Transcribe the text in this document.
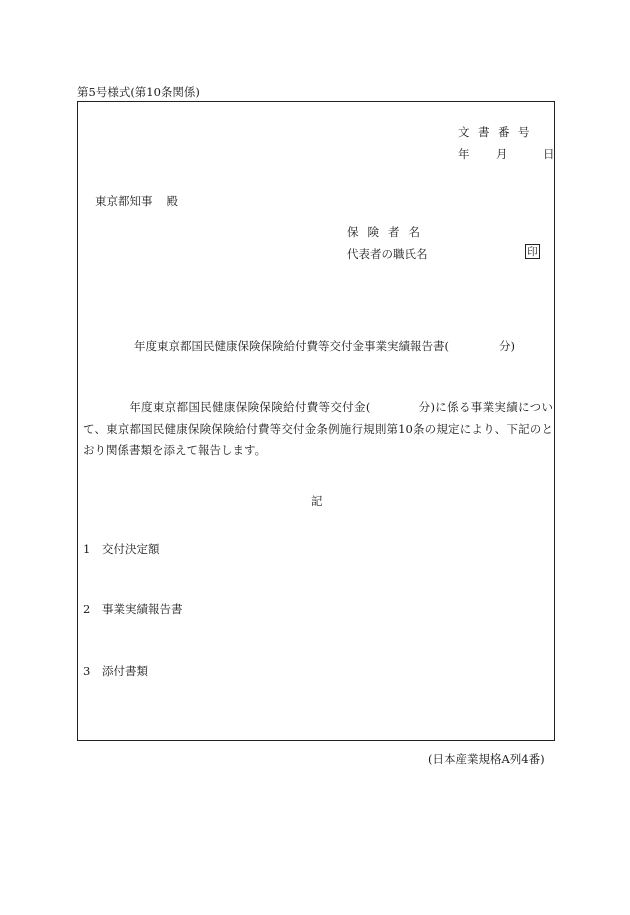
第5号様式(第10条関係)
文書番号
年 月	日
東京都知事 殿
保険者名
代表者の職氏名	印
年度東京都国民健康保険保険給付費等交付金事業実績報告書(	分)
    年度東京都国民健康保険保険給付費等交付金(	分)に係る事業実績について、東京都国民健康保険保険給付費等交付金条例施行規則第10条の規定により、下記のとおり関係書類を添えて報告します。
記
1 交付決定額
2 事業実績報告書
3 添付書類
(日本産業規格A列4番)
